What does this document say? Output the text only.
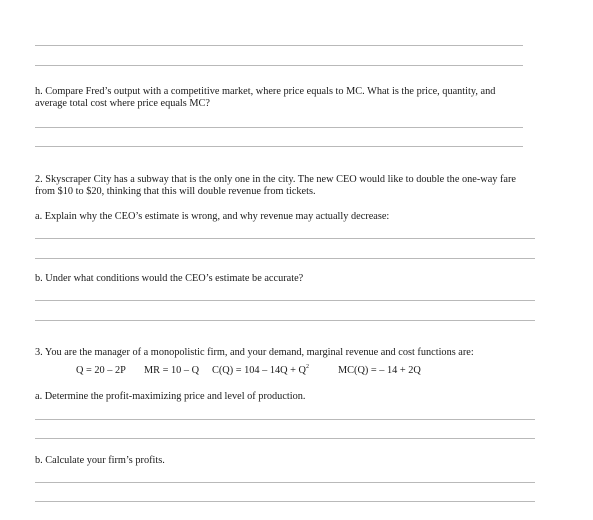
h. Compare Fred’s output with a competitive market, where price equals to MC. What is the price, quantity, and
average total cost where price equals MC?
2. Skyscraper City has a subway that is the only one in the city. The new CEO would like to double the one-way fare
from $10 to $20, thinking that this will double revenue from tickets.
a. Explain why the CEO’s estimate is wrong, and why revenue may actually decrease:
b. Under what conditions would the CEO’s estimate be accurate?
3. You are the manager of a monopolistic firm, and your demand, marginal revenue and cost functions are:
Q = 20 – 2P MR = 10 – Q $C(Q) = 104 - 14Q + Q^2$	MC(Q) = – 14 + 2Q
a. Determine the profit-maximizing price and level of production.
b. Calculate your firm’s profits.
